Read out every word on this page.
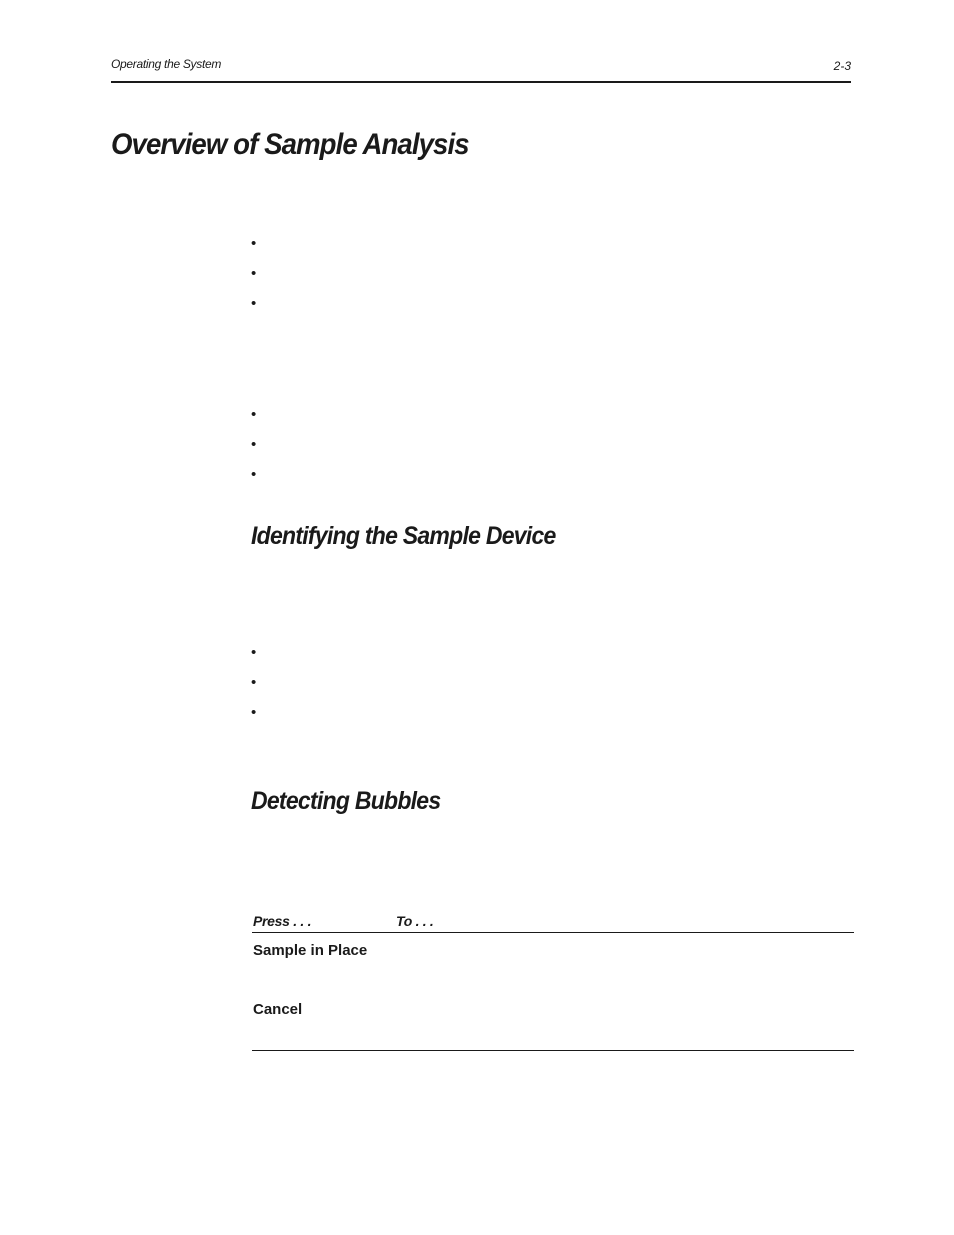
Operating the System	2-3
Overview of Sample Analysis
•
•
•
•
•
•
Identifying the Sample Device
•
•
•
Detecting Bubbles
Press . . .	To . . .
Sample in Place
Cancel
